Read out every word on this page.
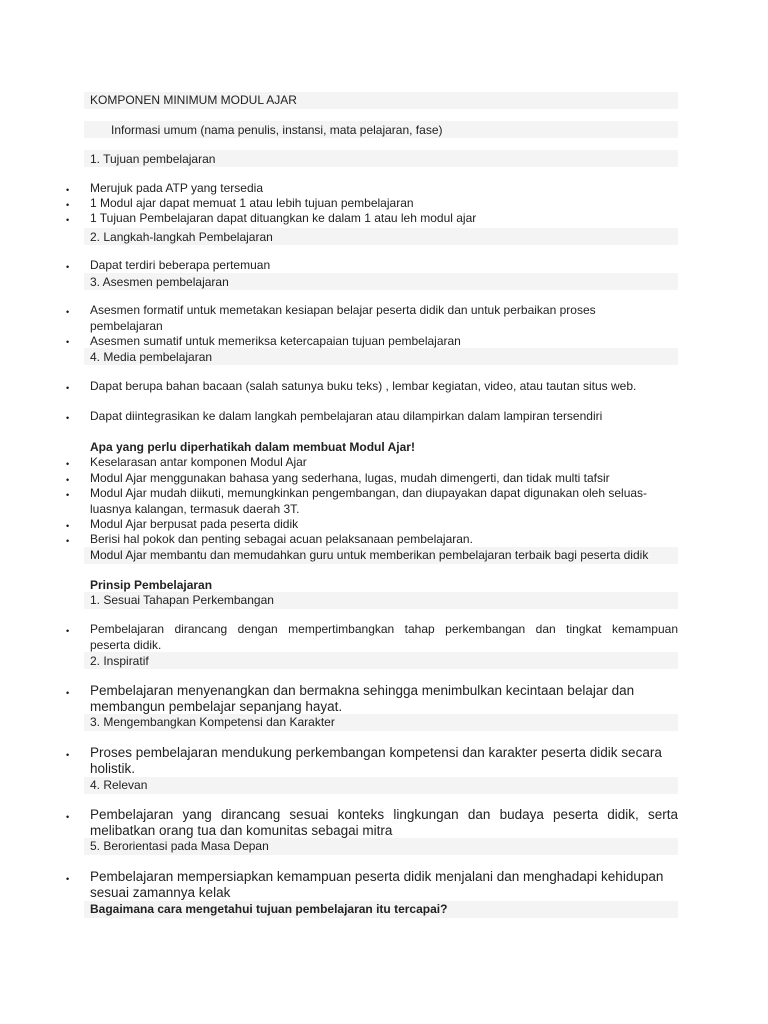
KOMPONEN MINIMUM MODUL AJAR
Informasi umum (nama penulis, instansi, mata pelajaran, fase)
1. Tujuan pembelajaran
• Merujuk pada ATP yang tersedia
• 1 Modul ajar dapat memuat 1 atau lebih tujuan pembelajaran
• 1 Tujuan Pembelajaran dapat dituangkan ke dalam 1 atau leh modul ajar
2. Langkah-langkah Pembelajaran
• Dapat terdiri beberapa pertemuan
3. Asesmen pembelajaran
• Asesmen formatif untuk memetakan kesiapan belajar peserta didik dan untuk perbaikan proses
pembelajaran
• Asesmen sumatif untuk memeriksa ketercapaian tujuan pembelajaran
4. Media pembelajaran
• Dapat berupa bahan bacaan (salah satunya buku teks) , lembar kegiatan, video, atau tautan situs web.
• Dapat diintegrasikan ke dalam langkah pembelajaran atau dilampirkan dalam lampiran tersendiri
Apa yang perlu diperhatikah dalam membuat Modul Ajar!
• Keselarasan antar komponen Modul Ajar
• Modul Ajar menggunakan bahasa yang sederhana, lugas, mudah dimengerti, dan tidak multi tafsir
• Modul Ajar mudah diikuti, memungkinkan pengembangan, dan diupayakan dapat digunakan oleh seluas-
luasnya kalangan, termasuk daerah 3T.
• Modul Ajar berpusat pada peserta didik
• Berisi hal pokok dan penting sebagai acuan pelaksanaan pembelajaran.
Modul Ajar membantu dan memudahkan guru untuk memberikan pembelajaran terbaik bagi peserta didik
Prinsip Pembelajaran
1. Sesuai Tahapan Perkembangan
• Pembelajaran dirancang dengan mempertimbangkan tahap perkembangan dan tingkat kemampuan
peserta didik.
2. Inspiratif
• Pembelajaran menyenangkan dan bermakna sehingga menimbulkan kecintaan belajar dan
membangun pembelajar sepanjang hayat.
3. Mengembangkan Kompetensi dan Karakter
• Proses pembelajaran mendukung perkembangan kompetensi dan karakter peserta didik secara
holistik.
4. Relevan
• Pembelajaran yang dirancang sesuai konteks lingkungan dan budaya peserta didik, serta
melibatkan orang tua dan komunitas sebagai mitra
5. Berorientasi pada Masa Depan
• Pembelajaran mempersiapkan kemampuan peserta didik menjalani dan menghadapi kehidupan
sesuai zamannya kelak
Bagaimana cara mengetahui tujuan pembelajaran itu tercapai?
